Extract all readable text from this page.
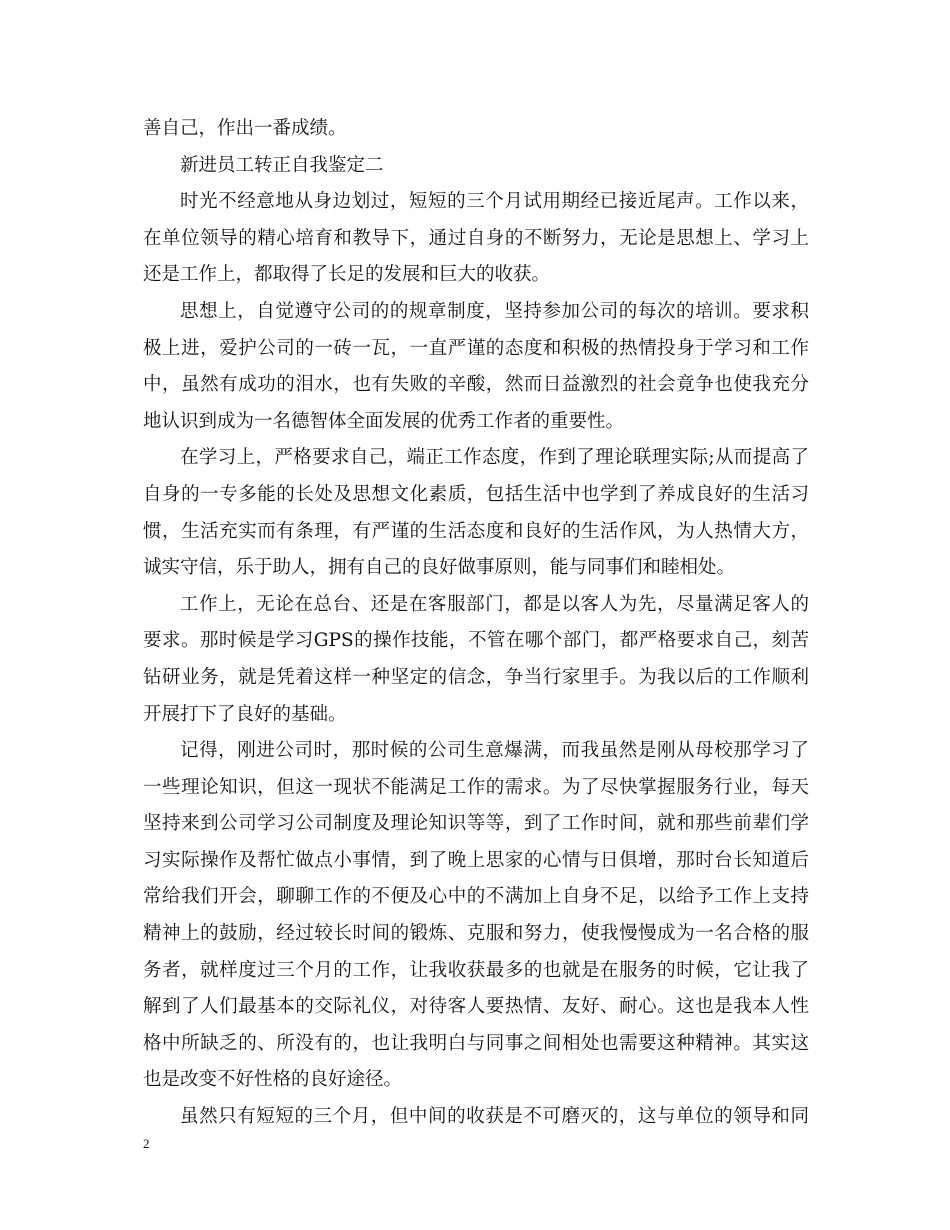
善自己，作出一番成绩。
新进员工转正自我鉴定二
时光不经意地从身边划过，短短的三个月试用期经已接近尾声。工作以来，
在单位领导的精心培育和教导下，通过自身的不断努力，无论是思想上、学习上
还是工作上，都取得了长足的发展和巨大的收获。
思想上，自觉遵守公司的的规章制度，坚持参加公司的每次的培训。要求积
极上进，爱护公司的一砖一瓦，一直严谨的态度和积极的热情投身于学习和工作
中，虽然有成功的泪水，也有失败的辛酸，然而日益激烈的社会竟争也使我充分
地认识到成为一名德智体全面发展的优秀工作者的重要性。
在学习上，严格要求自己，端正工作态度，作到了理论联理实际;从而提高了
自身的一专多能的长处及思想文化素质，包括生活中也学到了养成良好的生活习
惯，生活充实而有条理，有严谨的生活态度和良好的生活作风，为人热情大方，
诚实守信，乐于助人，拥有自己的良好做事原则，能与同事们和睦相处。
工作上，无论在总台、还是在客服部门，都是以客人为先，尽量满足客人的
要求。那时候是学习GPS的操作技能，不管在哪个部门，都严格要求自己，刻苦
钻研业务，就是凭着这样一种坚定的信念，争当行家里手。为我以后的工作顺利
开展打下了良好的基础。
记得，刚进公司时，那时候的公司生意爆满，而我虽然是刚从母校那学习了
一些理论知识，但这一现状不能满足工作的需求。为了尽快掌握服务行业，每天
坚持来到公司学习公司制度及理论知识等等，到了工作时间，就和那些前辈们学
习实际操作及帮忙做点小事情，到了晚上思家的心情与日俱增，那时台长知道后
常给我们开会，聊聊工作的不便及心中的不满加上自身不足，以给予工作上支持
精神上的鼓励，经过较长时间的锻炼、克服和努力，使我慢慢成为一名合格的服
务者，就样度过三个月的工作，让我收获最多的也就是在服务的时候，它让我了
解到了人们最基本的交际礼仪，对待客人要热情、友好、耐心。这也是我本人性
格中所缺乏的、所没有的，也让我明白与同事之间相处也需要这种精神。其实这
也是改变不好性格的良好途径。
虽然只有短短的三个月，但中间的收获是不可磨灭的，这与单位的领导和同
2
